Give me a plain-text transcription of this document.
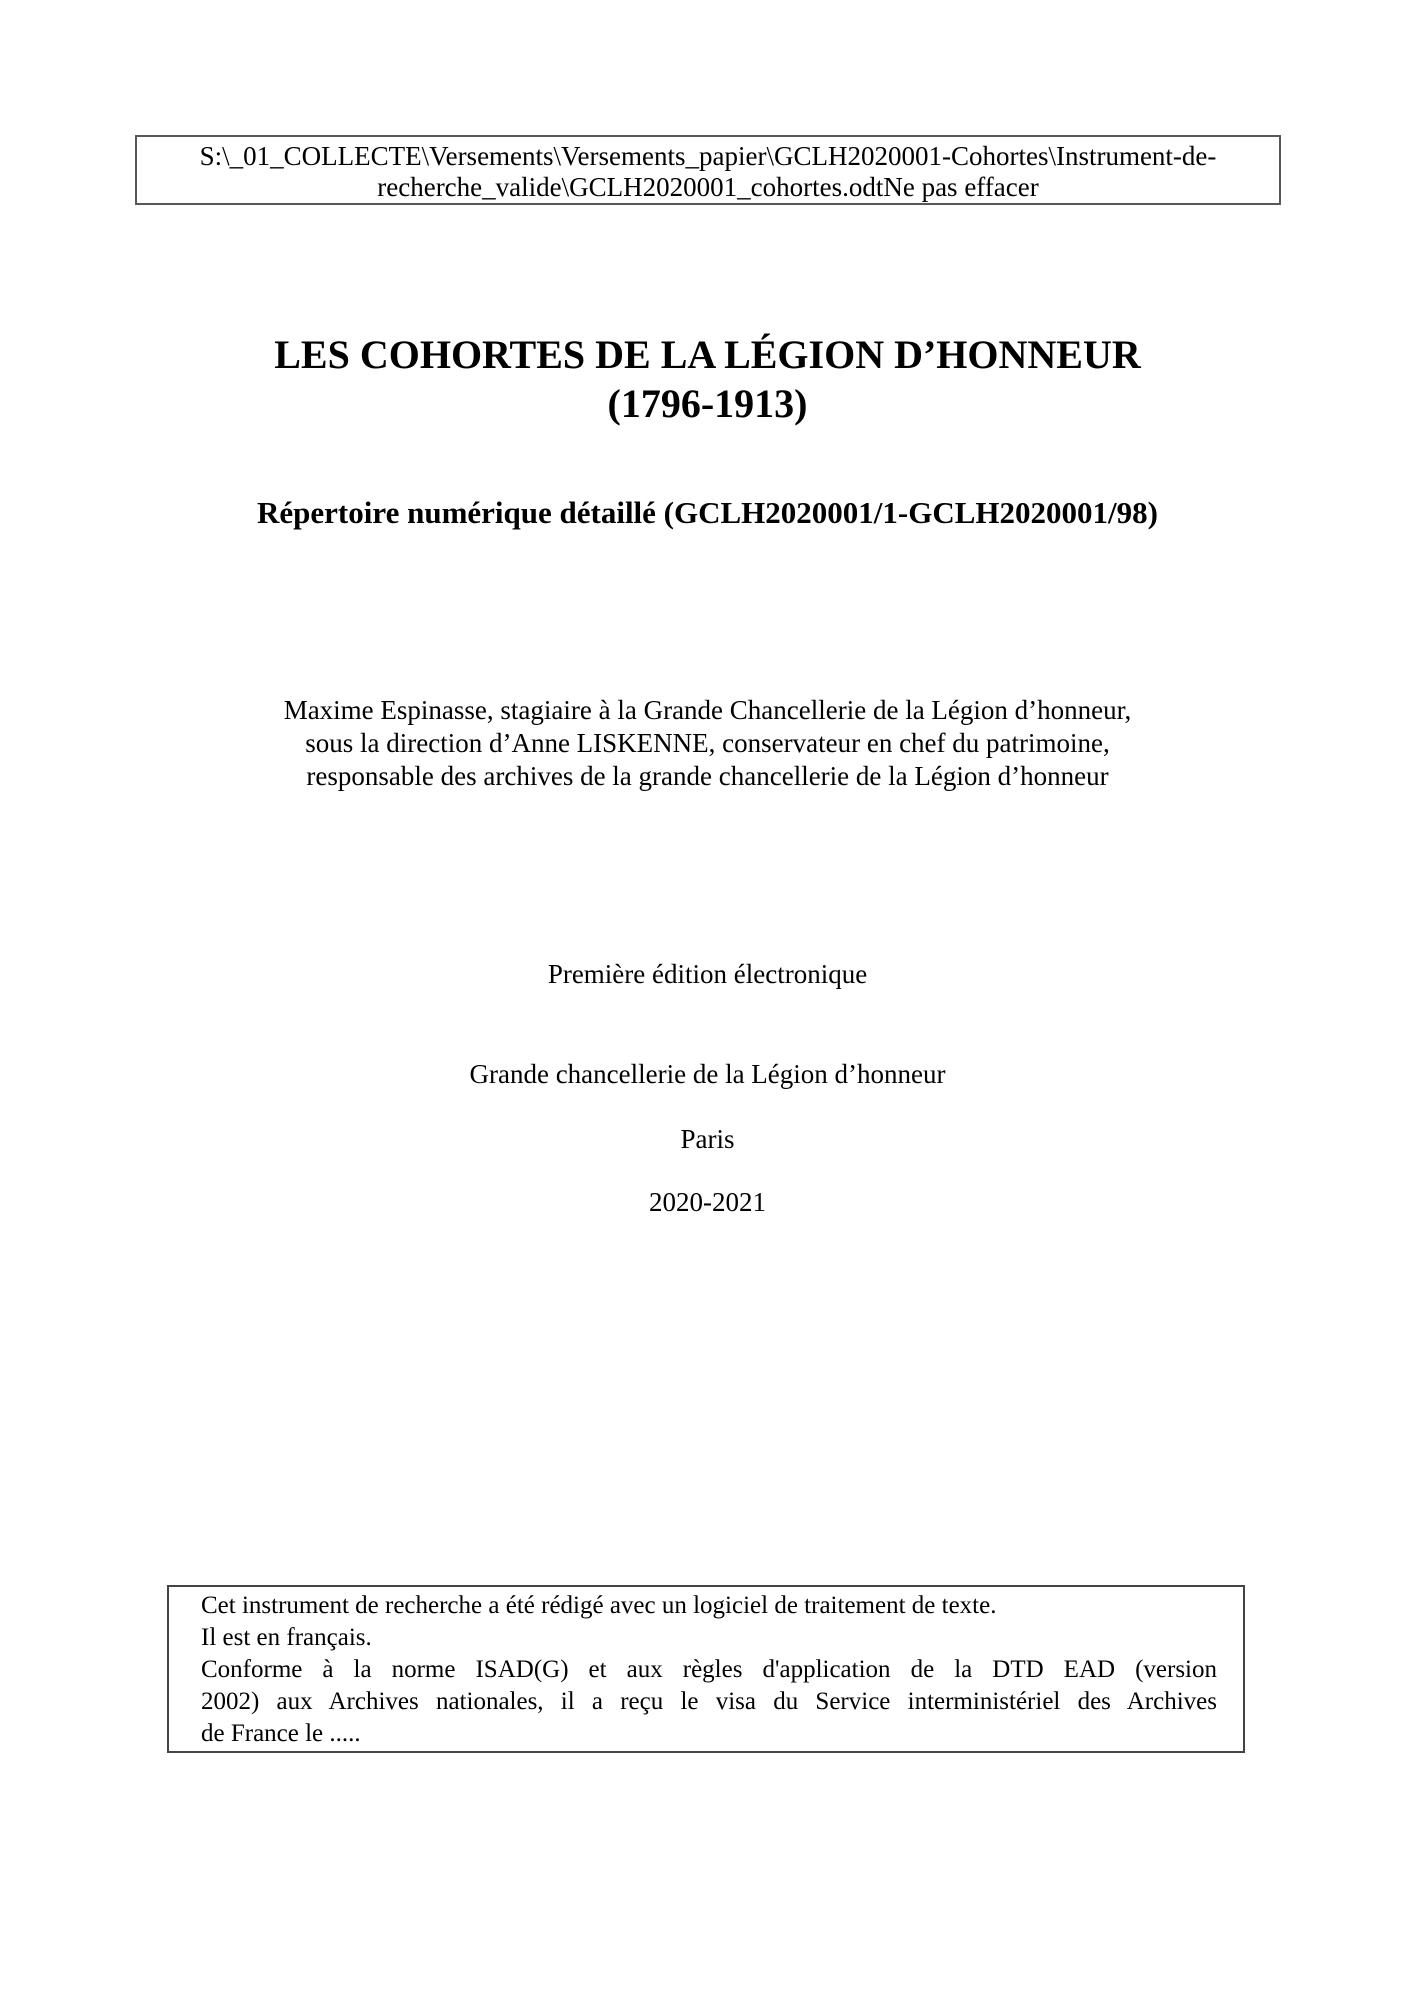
S:\_01_COLLECTE\Versements\Versements_papier\GCLH2020001-Cohortes\Instrument-de-
recherche_valide\GCLH2020001_cohortes.odtNe pas effacer
LES COHORTES DE LA LÉGION D’HONNEUR
(1796-1913)
Répertoire numérique détaillé (GCLH2020001/1-GCLH2020001/98)
Maxime Espinasse, stagiaire à la Grande Chancellerie de la Légion d’honneur,
sous la direction d’Anne LISKENNE, conservateur en chef du patrimoine,
responsable des archives de la grande chancellerie de la Légion d’honneur
Première édition électronique
Grande chancellerie de la Légion d’honneur
Paris
2020-2021
Cet instrument de recherche a été rédigé avec un logiciel de traitement de texte.
Il est en français.
Conforme à la norme ISAD(G) et aux règles d'application de la DTD EAD (version
2002) aux Archives nationales, il a reçu le visa du Service interministériel des Archives
de France le .....
